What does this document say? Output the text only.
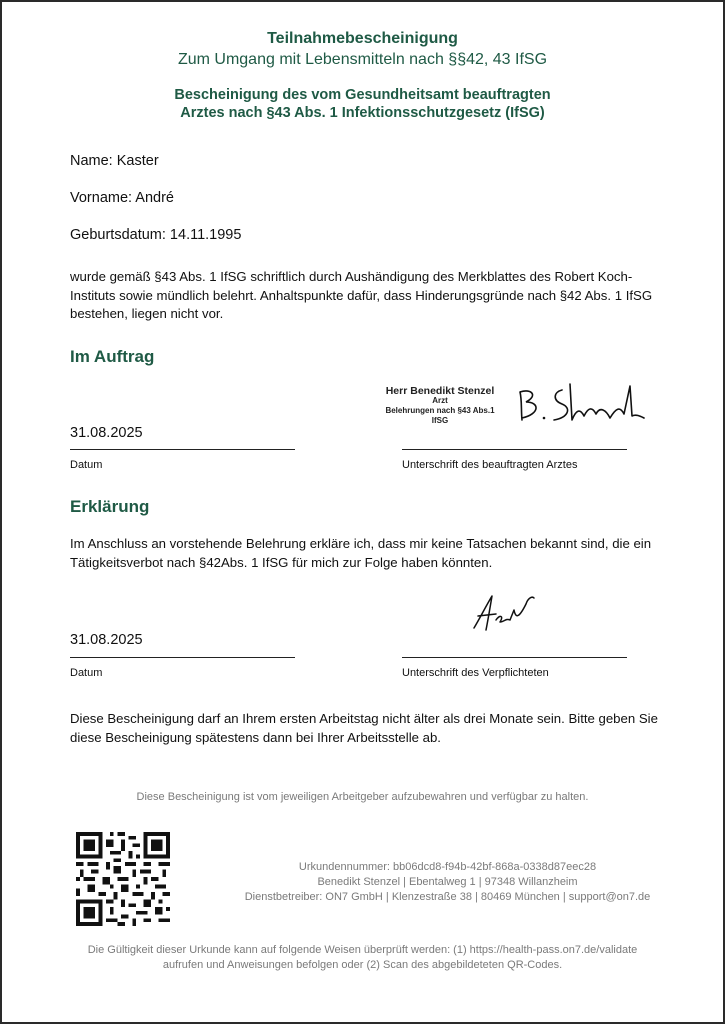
Teilnahmebescheinigung
Zum Umgang mit Lebensmitteln nach §§42, 43 IfSG
Bescheinigung des vom Gesundheitsamt beauftragten
Arztes nach §43 Abs. 1 Infektionsschutzgesetz (IfSG)
Name: Kaster
Vorname: André
Geburtsdatum: 14.11.1995
wurde gemäß §43 Abs. 1 IfSG schriftlich durch Aushändigung des Merkblattes des Robert Koch-Instituts sowie mündlich belehrt. Anhaltspunkte dafür, dass Hinderungsgründe nach §42 Abs. 1 IfSG bestehen, liegen nicht vor.
Im Auftrag
Herr Benedikt Stenzel
Arzt
Belehrungen nach §43 Abs.1
IfSG
31.08.2025
Datum	Unterschrift des beauftragten Arztes
Erklärung
Im Anschluss an vorstehende Belehrung erkläre ich, dass mir keine Tatsachen bekannt sind, die ein Tätigkeitsverbot nach §42Abs. 1 IfSG für mich zur Folge haben könnten.
31.08.2025
Datum	Unterschrift des Verpflichteten
Diese Bescheinigung darf an Ihrem ersten Arbeitstag nicht älter als drei Monate sein. Bitte geben Sie diese Bescheinigung spätestens dann bei Ihrer Arbeitsstelle ab.
Diese Bescheinigung ist vom jeweiligen Arbeitgeber aufzubewahren und verfügbar zu halten.
Urkundennummer: bb06dcd8-f94b-42bf-868a-0338d87eec28
Benedikt Stenzel | Ebentalweg 1 | 97348 Willanzheim
Dienstbetreiber: ON7 GmbH | Klenzestraße 38 | 80469 München | support@on7.de
Die Gültigkeit dieser Urkunde kann auf folgende Weisen überprüft werden: (1) https://health-pass.on7.de/validate
aufrufen und Anweisungen befolgen oder (2) Scan des abgebildeteten QR-Codes.
